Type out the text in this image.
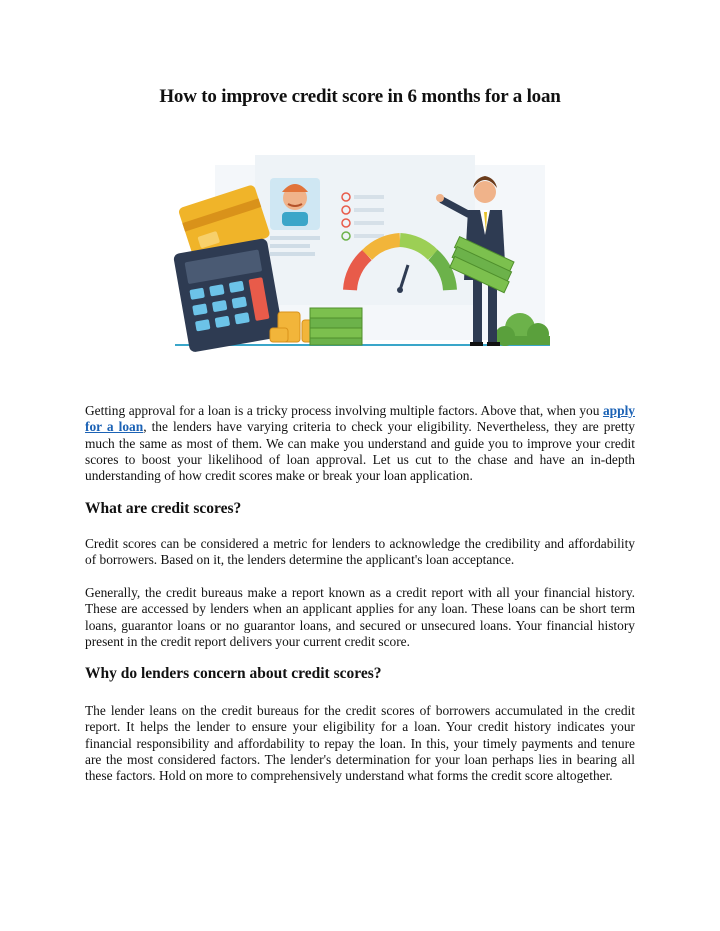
How to improve credit score in 6 months for a loan

Getting approval for a loan is a tricky process involving multiple factors. Above that, when you apply for a loan, the lenders have varying criteria to check your eligibility. Nevertheless, they are pretty much the same as most of them. We can make you understand and guide you to improve your credit scores to boost your likelihood of loan approval. Let us cut to the chase and have an in-depth understanding of how credit scores make or break your loan application.

What are credit scores?

Credit scores can be considered a metric for lenders to acknowledge the credibility and affordability of borrowers. Based on it, the lenders determine the applicant's loan acceptance.

Generally, the credit bureaus make a report known as a credit report with all your financial history. These are accessed by lenders when an applicant applies for any loan. These loans can be short term loans, guarantor loans or no guarantor loans, and secured or unsecured loans. Your financial history present in the credit report delivers your current credit score.

Why do lenders concern about credit scores?

The lender leans on the credit bureaus for the credit scores of borrowers accumulated in the credit report. It helps the lender to ensure your eligibility for a loan. Your credit history indicates your financial responsibility and affordability to repay the loan. In this, your timely payments and tenure are the most considered factors. The lender's determination for your loan perhaps lies in bearing all these factors. Hold on more to comprehensively understand what forms the credit score altogether.
